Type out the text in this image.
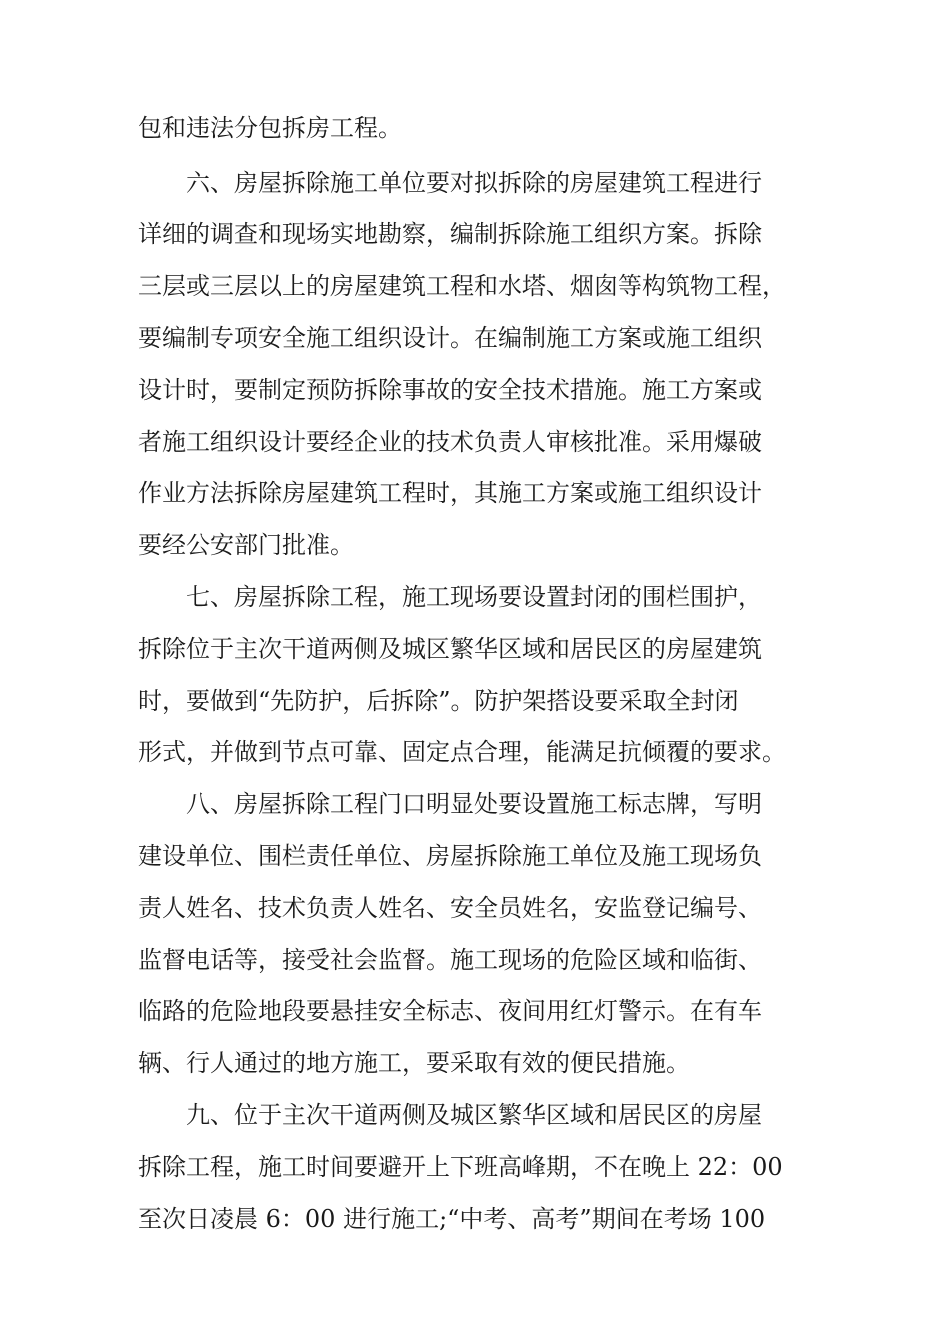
包和违法分包拆房工程。
六、房屋拆除施工单位要对拟拆除的房屋建筑工程进行
详细的调查和现场实地勘察，编制拆除施工组织方案。拆除
三层或三层以上的房屋建筑工程和水塔、烟囱等构筑物工程，
要编制专项安全施工组织设计。在编制施工方案或施工组织
设计时，要制定预防拆除事故的安全技术措施。施工方案或
者施工组织设计要经企业的技术负责人审核批准。采用爆破
作业方法拆除房屋建筑工程时，其施工方案或施工组织设计
要经公安部门批准。
七、房屋拆除工程，施工现场要设置封闭的围栏围护，
拆除位于主次干道两侧及城区繁华区域和居民区的房屋建筑
时，要做到“先防护，后拆除”。防护架搭设要采取全封闭
形式，并做到节点可靠、固定点合理，能满足抗倾覆的要求。
八、房屋拆除工程门口明显处要设置施工标志牌，写明
建设单位、围栏责任单位、房屋拆除施工单位及施工现场负
责人姓名、技术负责人姓名、安全员姓名，安监登记编号、
监督电话等，接受社会监督。施工现场的危险区域和临街、
临路的危险地段要悬挂安全标志、夜间用红灯警示。在有车
辆、行人通过的地方施工，要采取有效的便民措施。
九、位于主次干道两侧及城区繁华区域和居民区的房屋
拆除工程，施工时间要避开上下班高峰期，不在晚上 22：00
至次日凌晨 6：00 进行施工;“中考、高考”期间在考场 100
